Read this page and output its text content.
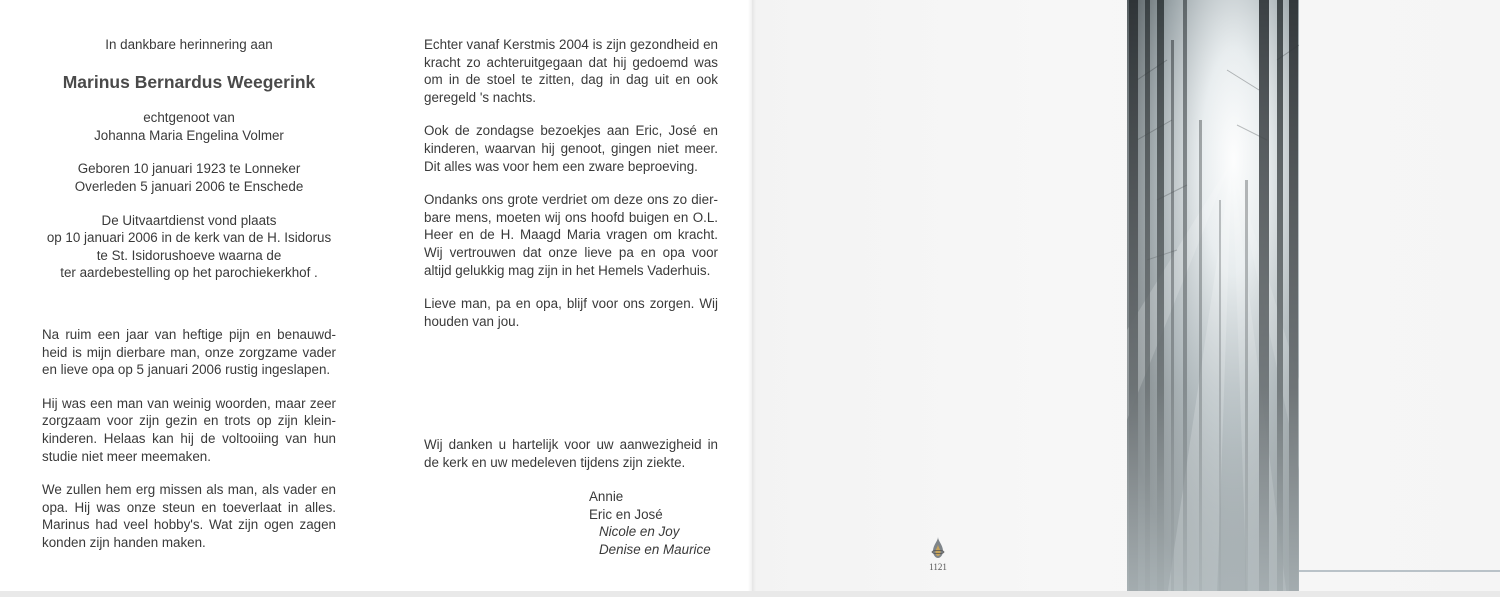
In dankbare herinnering aan
Marinus Bernardus Weegerink
echtgenoot van
Johanna Maria Engelina Volmer
Geboren 10 januari 1923 te Lonneker
Overleden 5 januari 2006 te Enschede
De Uitvaartdienst vond plaats
op 10 januari 2006 in de kerk van de H. Isidorus
te St. Isidorushoeve waarna de
ter aardebestelling op het parochiekerkhof .
Na ruim een jaar van heftige pijn en benauwd-heid is mijn dierbare man, onze zorgzame vader en lieve opa op 5 januari 2006 rustig ingeslapen.
Hij was een man van weinig woorden, maar zeer zorgzaam voor zijn gezin en trots op zijn klein-kinderen. Helaas kan hij de voltooiing van hun studie niet meer meemaken.
We zullen hem erg missen als man, als vader en opa. Hij was onze steun en toeverlaat in alles. Marinus had veel hobby's. Wat zijn ogen zagen konden zijn handen maken.
Echter vanaf Kerstmis 2004 is zijn gezondheid en kracht zo achteruitgegaan dat hij gedoemd was om in de stoel te zitten, dag in dag uit en ook geregeld 's nachts.
Ook de zondagse bezoekjes aan Eric, José en kinderen, waarvan hij genoot, gingen niet meer. Dit alles was voor hem een zware beproeving.
Ondanks ons grote verdriet om deze ons zo dier-bare mens, moeten wij ons hoofd buigen en O.L. Heer en de H. Maagd Maria vragen om kracht. Wij vertrouwen dat onze lieve pa en opa voor altijd gelukkig mag zijn in het Hemels Vaderhuis.
Lieve man, pa en opa, blijf voor ons zorgen. Wij houden van jou.
Wij danken u hartelijk voor uw aanwezigheid in de kerk en uw medeleven tijdens zijn ziekte.
Annie
Eric en José
Nicole en Joy
Denise en Maurice
1121
